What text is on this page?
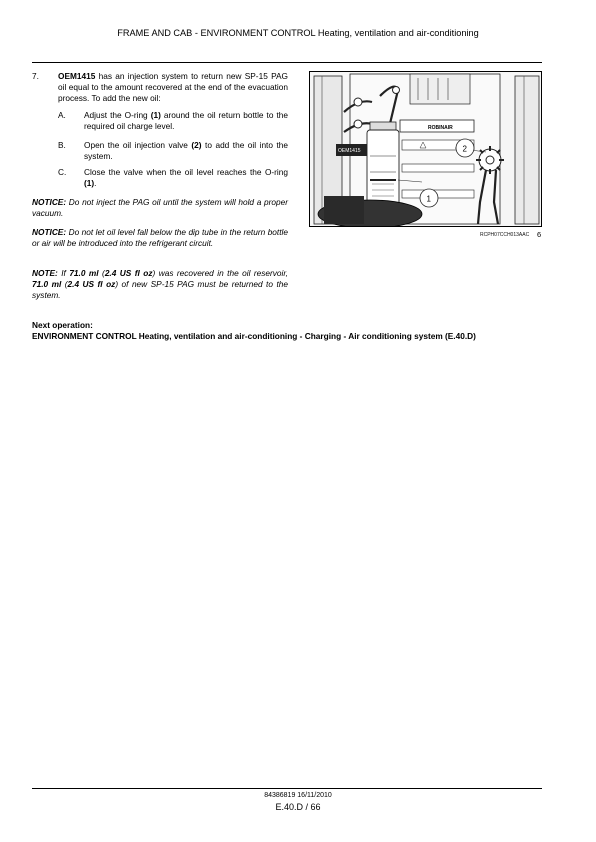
FRAME AND CAB - ENVIRONMENT CONTROL Heating, ventilation and air-conditioning
7. OEM1415 has an injection system to return new SP-15 PAG oil equal to the amount recovered at the end of the evacuation process. To add the new oil:
A. Adjust the O-ring (1) around the oil return bottle to the required oil charge level.
B. Open the oil injection valve (2) to add the oil into the system.
C. Close the valve when the oil level reaches the O-ring (1).
NOTICE: Do not inject the PAG oil until the system will hold a proper vacuum.
NOTICE: Do not let oil level fall below the dip tube in the return bottle or air will be introduced into the refrigerant circuit.
NOTE: If 71.0 ml (2.4 US fl oz) was recovered in the oil reservoir, 71.0 ml (2.4 US fl oz) of new SP-15 PAG must be returned to the system.
Next operation:
ENVIRONMENT CONTROL Heating, ventilation and air-conditioning - Charging - Air conditioning system (E.40.D)
ROBINAIR
OEM1415
1
2
RCPH07CCH013AAC 6
84386819 16/11/2010
E.40.D / 66
